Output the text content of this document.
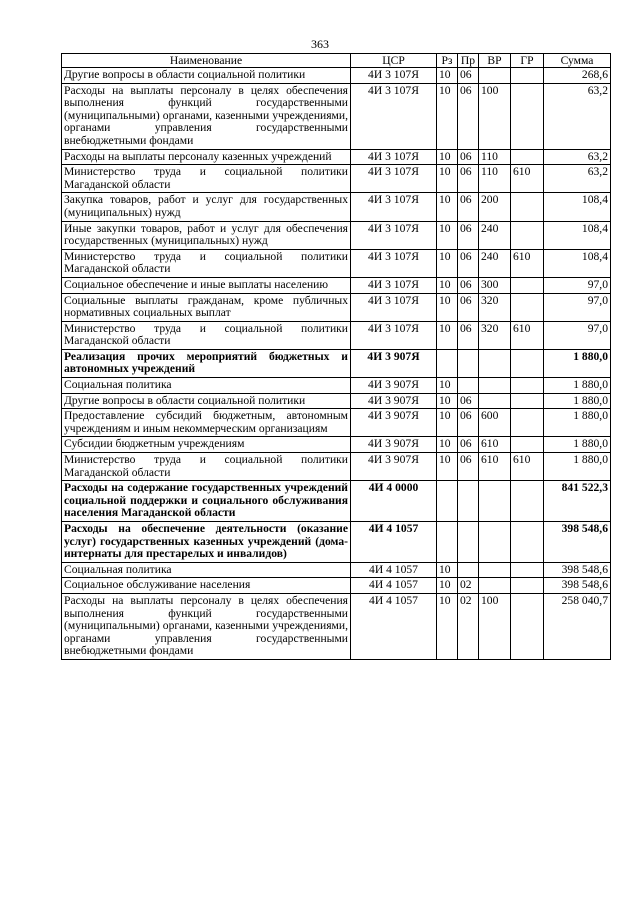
363
Наименование	ЦСР	Рз	Пр	ВР	ГР	Сумма
Другие вопросы в области социальной политики	4И 3 107Я	10	06			268,6
Расходы на выплаты персоналу в целях обеспечения выполнения функций государственными (муниципальными) органами, казенными учреждениями, органами управления государственными внебюджетными фондами	4И 3 107Я	10	06	100		63,2
Расходы на выплаты персоналу казенных учреждений	4И 3 107Я	10	06	110		63,2
Министерство труда и социальной политики Магаданской области	4И 3 107Я	10	06	110	610	63,2
Закупка товаров, работ и услуг для государственных (муниципальных) нужд	4И 3 107Я	10	06	200		108,4
Иные закупки товаров, работ и услуг для обеспечения государственных (муниципальных) нужд	4И 3 107Я	10	06	240		108,4
Министерство труда и социальной политики Магаданской области	4И 3 107Я	10	06	240	610	108,4
Социальное обеспечение и иные выплаты населению	4И 3 107Я	10	06	300		97,0
Социальные выплаты гражданам, кроме публичных нормативных социальных выплат	4И 3 107Я	10	06	320		97,0
Министерство труда и социальной политики Магаданской области	4И 3 107Я	10	06	320	610	97,0
Реализация прочих мероприятий бюджетных и автономных учреждений	4И 3 907Я					1 880,0
Социальная политика	4И 3 907Я	10				1 880,0
Другие вопросы в области социальной политики	4И 3 907Я	10	06			1 880,0
Предоставление субсидий бюджетным, автономным учреждениям и иным некоммерческим организациям	4И 3 907Я	10	06	600		1 880,0
Субсидии бюджетным учреждениям	4И 3 907Я	10	06	610		1 880,0
Министерство труда и социальной политики Магаданской области	4И 3 907Я	10	06	610	610	1 880,0
Расходы на содержание государственных учреждений социальной поддержки и социального обслуживания населения Магаданской области	4И 4 0000					841 522,3
Расходы на обеспечение деятельности (оказание услуг) государственных казенных учреждений (дома-интернаты для престарелых и инвалидов)	4И 4 1057					398 548,6
Социальная политика	4И 4 1057	10				398 548,6
Социальное обслуживание населения	4И 4 1057	10	02			398 548,6
Расходы на выплаты персоналу в целях обеспечения выполнения функций государственными (муниципальными) органами, казенными учреждениями, органами управления государственными внебюджетными фондами	4И 4 1057	10	02	100		258 040,7
